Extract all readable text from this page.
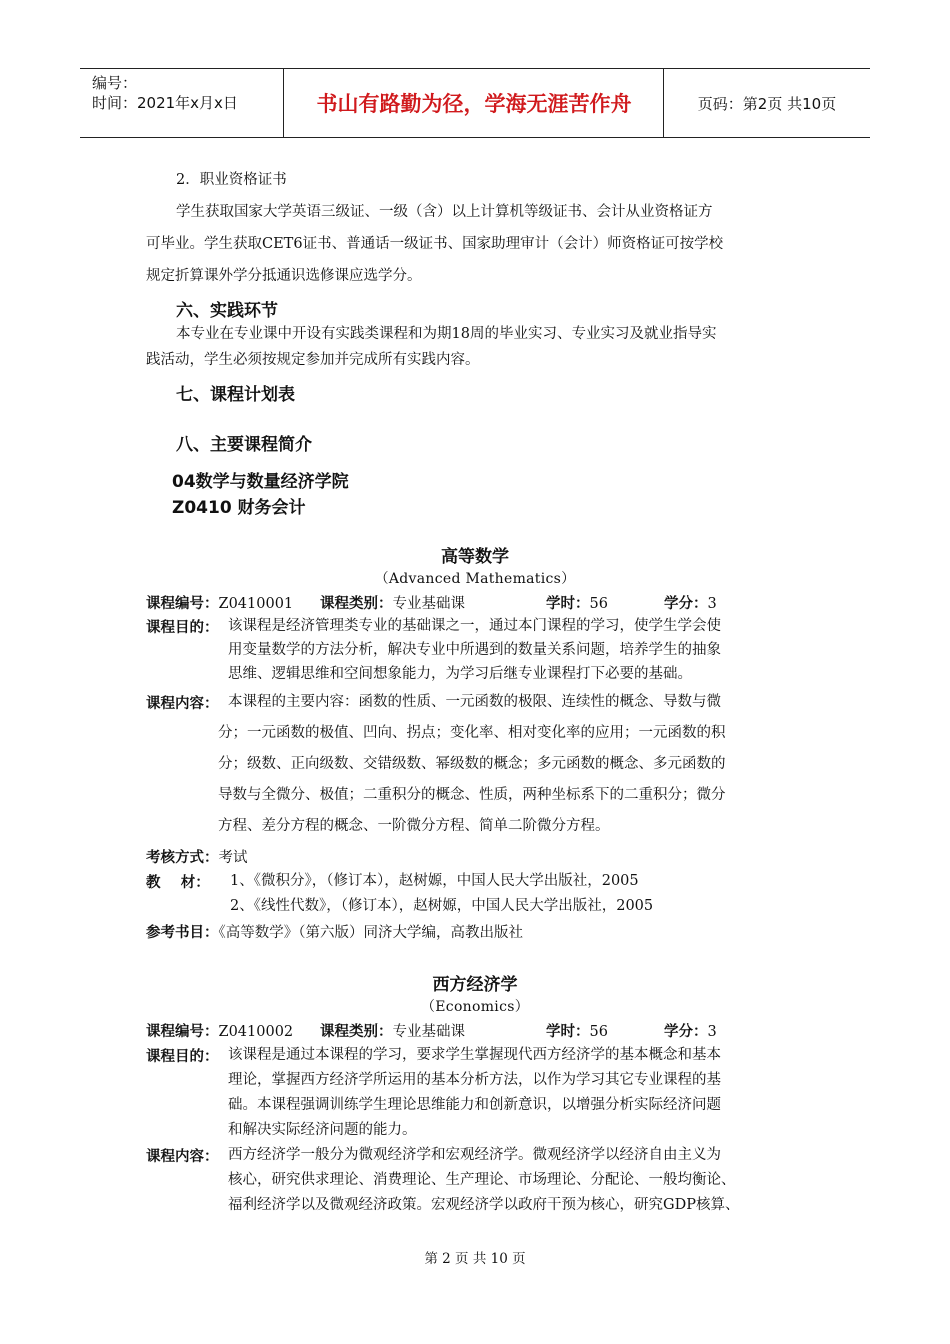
编号：
时间：2021年x月x日	书山有路勤为径，学海无涯苦作舟	页码：第2页 共10页
2．职业资格证书
学生获取国家大学英语三级证、一级（含）以上计算机等级证书、会计从业资格证方
可毕业。学生获取CET6证书、普通话一级证书、国家助理审计（会计）师资格证可按学校
规定折算课外学分抵通识选修课应选学分。
六、实践环节
本专业在专业课中开设有实践类课程和为期18周的毕业实习、专业实习及就业指导实
践活动，学生必须按规定参加并完成所有实践内容。
七、课程计划表
八、主要课程简介
04数学与数量经济学院
Z0410 财务会计
高等数学
（Advanced Mathematics）
课程编号：Z0410001 课程类别：专业基础课	学时：56	学分：3
课程目的： 该课程是经济管理类专业的基础课之一，通过本门课程的学习，使学生学会使
用变量数学的方法分析，解决专业中所遇到的数量关系问题，培养学生的抽象
思维、逻辑思维和空间想象能力，为学习后继专业课程打下必要的基础。
课程内容： 本课程的主要内容：函数的性质、一元函数的极限、连续性的概念、导数与微
分；一元函数的极值、凹向、拐点；变化率、相对变化率的应用；一元函数的积
分；级数、正向级数、交错级数、幂级数的概念；多元函数的概念、多元函数的
导数与全微分、极值；二重积分的概念、性质，两种坐标系下的二重积分；微分
方程、差分方程的概念、一阶微分方程、简单二阶微分方程。
考核方式：考试
教    材： 1、《微积分》，（修订本），赵树嫄，中国人民大学出版社，2005
2、《线性代数》，（修订本），赵树嫄，中国人民大学出版社，2005
参考书目：《高等数学》（第六版）同济大学编，高教出版社
西方经济学
（Economics）
课程编号：Z0410002 课程类别：专业基础课	学时：56	学分：3
课程目的： 该课程是通过本课程的学习，要求学生掌握现代西方经济学的基本概念和基本
理论，掌握西方经济学所运用的基本分析方法，以作为学习其它专业课程的基
础。本课程强调训练学生理论思维能力和创新意识，以增强分析实际经济问题
和解决实际经济问题的能力。
课程内容： 西方经济学一般分为微观经济学和宏观经济学。微观经济学以经济自由主义为
核心，研究供求理论、消费理论、生产理论、市场理论、分配论、一般均衡论、
福利经济学以及微观经济政策。宏观经济学以政府干预为核心，研究GDP核算、
第 2 页 共 10 页
